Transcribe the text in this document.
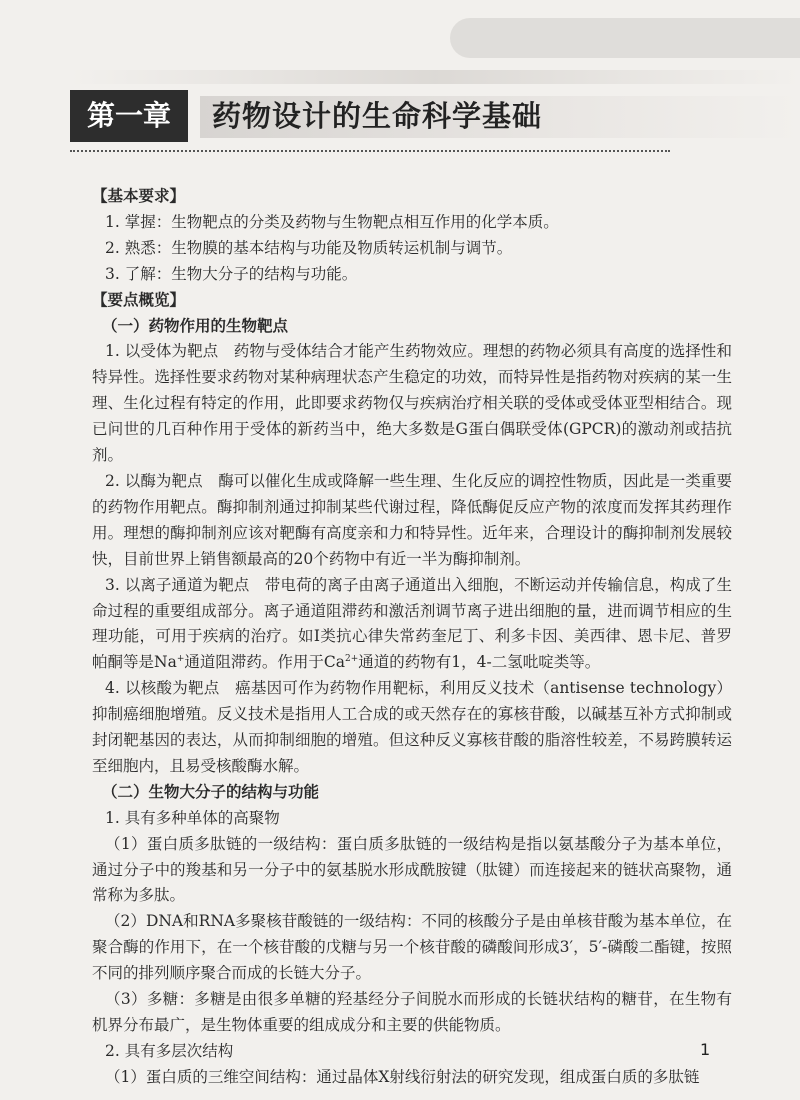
第一章	药物设计的生命科学基础

【基本要求】

1. 掌握：生物靶点的分类及药物与生物靶点相互作用的化学本质。

2. 熟悉：生物膜的基本结构与功能及物质转运机制与调节。

3. 了解：生物大分子的结构与功能。

【要点概览】

（一）药物作用的生物靶点

1. 以受体为靶点　药物与受体结合才能产生药物效应。理想的药物必须具有高度的选择性和特异性。选择性要求药物对某种病理状态产生稳定的功效，而特异性是指药物对疾病的某一生理、生化过程有特定的作用，此即要求药物仅与疾病治疗相关联的受体或受体亚型相结合。现已问世的几百种作用于受体的新药当中，绝大多数是G蛋白偶联受体(GPCR)的激动剂或拮抗剂。

2. 以酶为靶点　酶可以催化生成或降解一些生理、生化反应的调控性物质，因此是一类重要的药物作用靶点。酶抑制剂通过抑制某些代谢过程，降低酶促反应产物的浓度而发挥其药理作用。理想的酶抑制剂应该对靶酶有高度亲和力和特异性。近年来，合理设计的酶抑制剂发展较快，目前世界上销售额最高的20个药物中有近一半为酶抑制剂。

3. 以离子通道为靶点　带电荷的离子由离子通道出入细胞，不断运动并传输信息，构成了生命过程的重要组成部分。离子通道阻滞药和激活剂调节离子进出细胞的量，进而调节相应的生理功能，可用于疾病的治疗。如Ⅰ类抗心律失常药奎尼丁、利多卡因、美西律、恩卡尼、普罗帕酮等是Na+通道阻滞药。作用于$Ca^{2+}$通道的药物有1，4-二氢吡啶类等。

4. 以核酸为靶点　癌基因可作为药物作用靶标，利用反义技术（antisense technology）抑制癌细胞增殖。反义技术是指用人工合成的或天然存在的寡核苷酸，以碱基互补方式抑制或封闭靶基因的表达，从而抑制细胞的增殖。但这种反义寡核苷酸的脂溶性较差，不易跨膜转运至细胞内，且易受核酸酶水解。

（二）生物大分子的结构与功能

1. 具有多种单体的高聚物

（1）蛋白质多肽链的一级结构：蛋白质多肽链的一级结构是指以氨基酸分子为基本单位，通过分子中的羧基和另一分子中的氨基脱水形成酰胺键（肽键）而连接起来的链状高聚物，通常称为多肽。

（2）DNA和RNA多聚核苷酸链的一级结构：不同的核酸分子是由单核苷酸为基本单位，在聚合酶的作用下，在一个核苷酸的戊糖与另一个核苷酸的磷酸间形成3′，5′-磷酸二酯键，按照不同的排列顺序聚合而成的长链大分子。

（3）多糖：多糖是由很多单糖的羟基经分子间脱水而形成的长链状结构的糖苷，在生物有机界分布最广，是生物体重要的组成成分和主要的供能物质。

2. 具有多层次结构

（1）蛋白质的三维空间结构：通过晶体X射线衍射法的研究发现，组成蛋白质的多肽链

1
